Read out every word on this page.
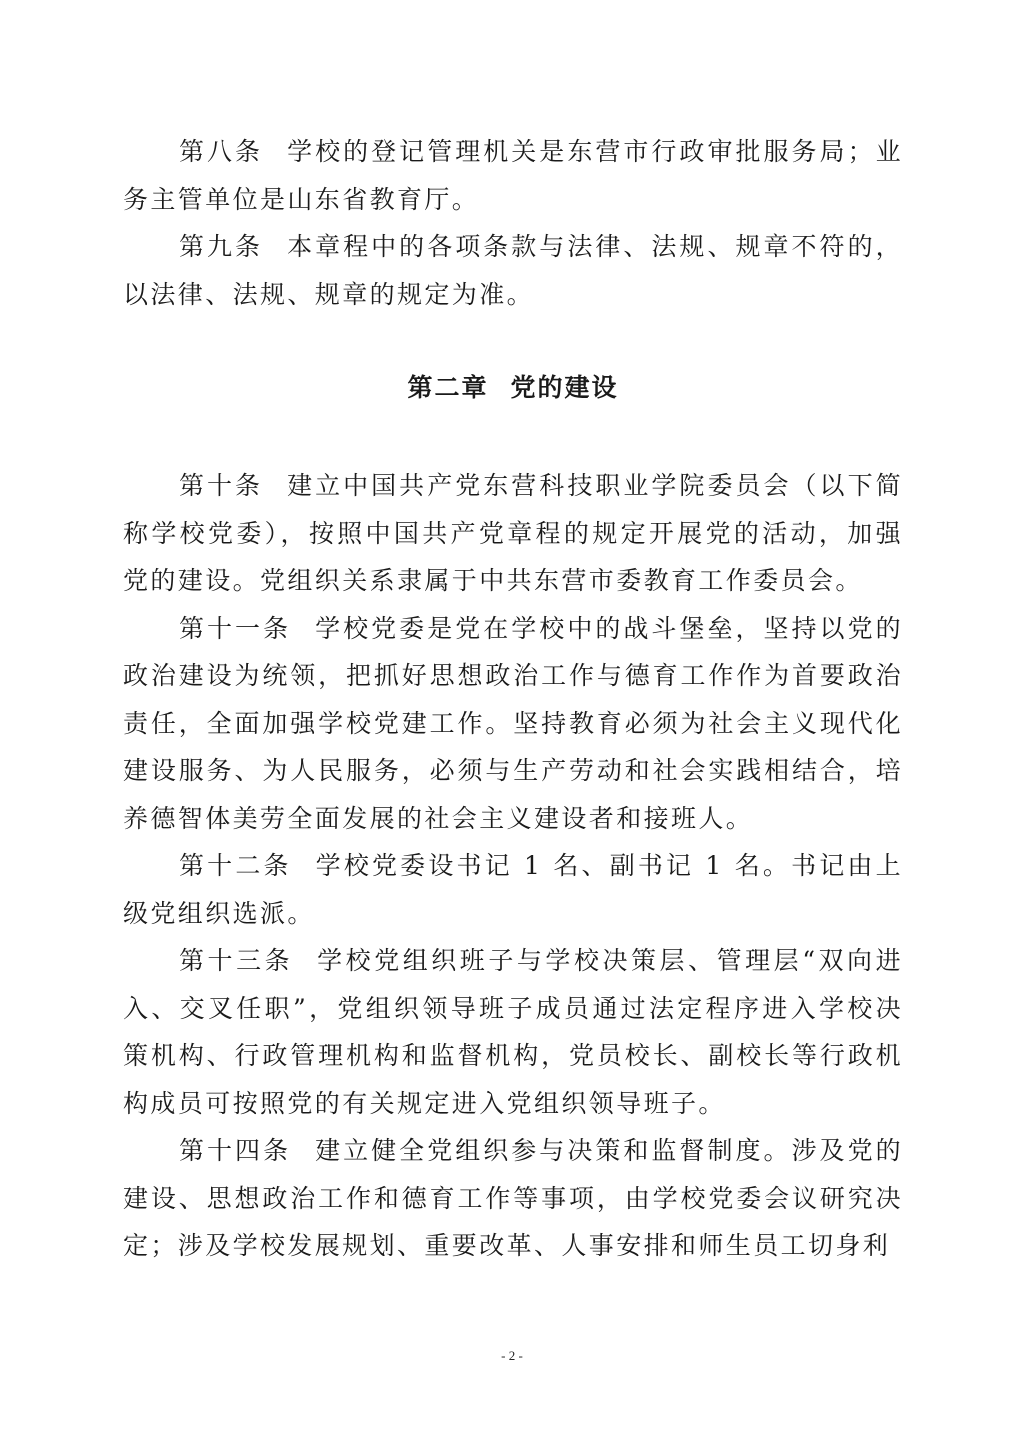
第八条 学校的登记管理机关是东营市行政审批服务局；业务主管单位是山东省教育厅。

第九条 本章程中的各项条款与法律、法规、规章不符的，以法律、法规、规章的规定为准。

第二章 党的建设

第十条 建立中国共产党东营科技职业学院委员会（以下简称学校党委），按照中国共产党章程的规定开展党的活动，加强党的建设。党组织关系隶属于中共东营市委教育工作委员会。

第十一条 学校党委是党在学校中的战斗堡垒，坚持以党的政治建设为统领，把抓好思想政治工作与德育工作作为首要政治责任，全面加强学校党建工作。坚持教育必须为社会主义现代化建设服务、为人民服务，必须与生产劳动和社会实践相结合，培养德智体美劳全面发展的社会主义建设者和接班人。

第十二条 学校党委设书记 1 名、副书记 1 名。书记由上级党组织选派。

第十三条 学校党组织班子与学校决策层、管理层“双向进入、交叉任职”，党组织领导班子成员通过法定程序进入学校决策机构、行政管理机构和监督机构，党员校长、副校长等行政机构成员可按照党的有关规定进入党组织领导班子。

第十四条 建立健全党组织参与决策和监督制度。涉及党的建设、思想政治工作和德育工作等事项，由学校党委会议研究决定；涉及学校发展规划、重要改革、人事安排和师生员工切身利

- 2 -
